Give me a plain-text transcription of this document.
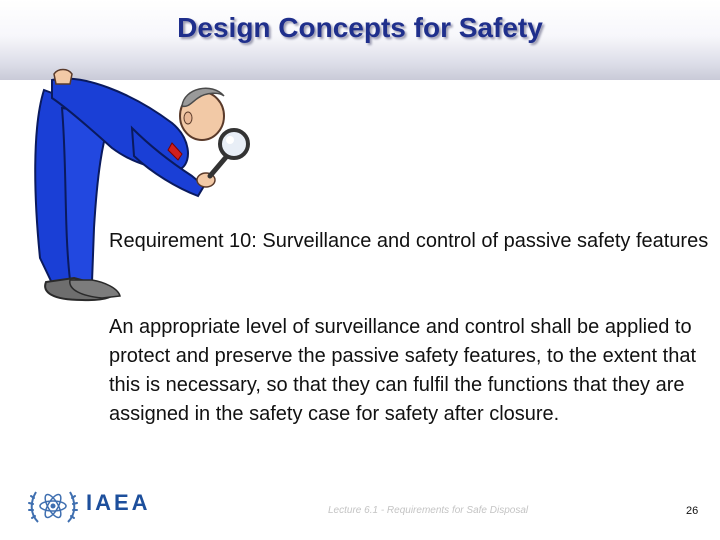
Design Concepts for Safety

Requirement 10: Surveillance and control of passive safety features

An appropriate level of surveillance and control shall be applied to protect and preserve the passive safety features, to the extent that this is necessary, so that they can fulfil the functions that they are assigned in the safety case for safety after closure.

IAEA	Lecture 6.1 - Requirements for Safe Disposal	26
